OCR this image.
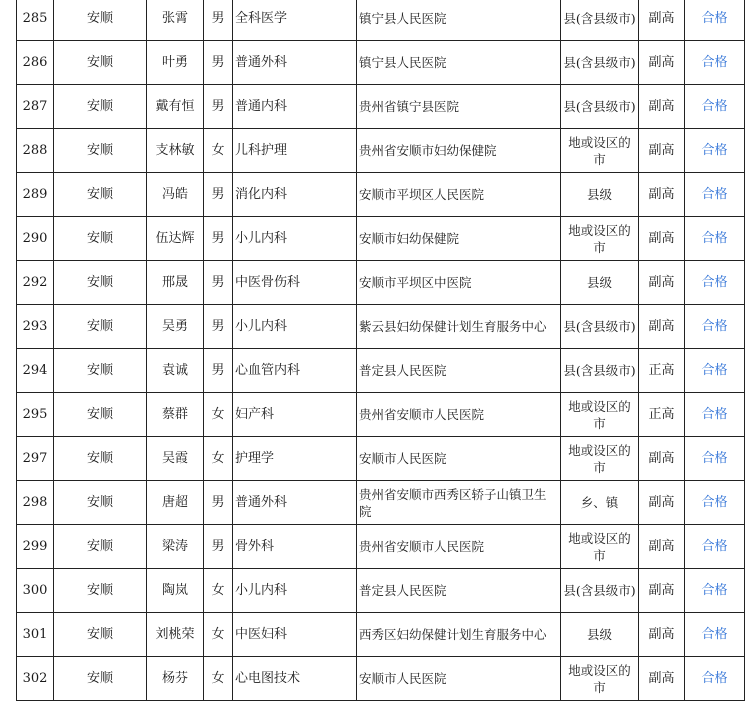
285	安顺	张霄	男	全科医学	镇宁县人民医院	县(含县级市)	副高	合格
286	安顺	叶勇	男	普通外科	镇宁县人民医院	县(含县级市)	副高	合格
287	安顺	戴有恒	男	普通内科	贵州省镇宁县医院	县(含县级市)	副高	合格
288	安顺	支林敏	女	儿科护理	贵州省安顺市妇幼保健院	地或设区的市	副高	合格
289	安顺	冯皓	男	消化内科	安顺市平坝区人民医院	县级	副高	合格
290	安顺	伍达辉	男	小儿内科	安顺市妇幼保健院	地或设区的市	副高	合格
292	安顺	邢晟	男	中医骨伤科	安顺市平坝区中医院	县级	副高	合格
293	安顺	吴勇	男	小儿内科	紫云县妇幼保健计划生育服务中心	县(含县级市)	副高	合格
294	安顺	袁诚	男	心血管内科	普定县人民医院	县(含县级市)	正高	合格
295	安顺	蔡群	女	妇产科	贵州省安顺市人民医院	地或设区的市	正高	合格
297	安顺	吴霞	女	护理学	安顺市人民医院	地或设区的市	副高	合格
298	安顺	唐超	男	普通外科	贵州省安顺市西秀区轿子山镇卫生院	乡、镇	副高	合格
299	安顺	梁涛	男	骨外科	贵州省安顺市人民医院	地或设区的市	副高	合格
300	安顺	陶岚	女	小儿内科	普定县人民医院	县(含县级市)	副高	合格
301	安顺	刘桃荣	女	中医妇科	西秀区妇幼保健计划生育服务中心	县级	副高	合格
302	安顺	杨芬	女	心电图技术	安顺市人民医院	地或设区的市	副高	合格
